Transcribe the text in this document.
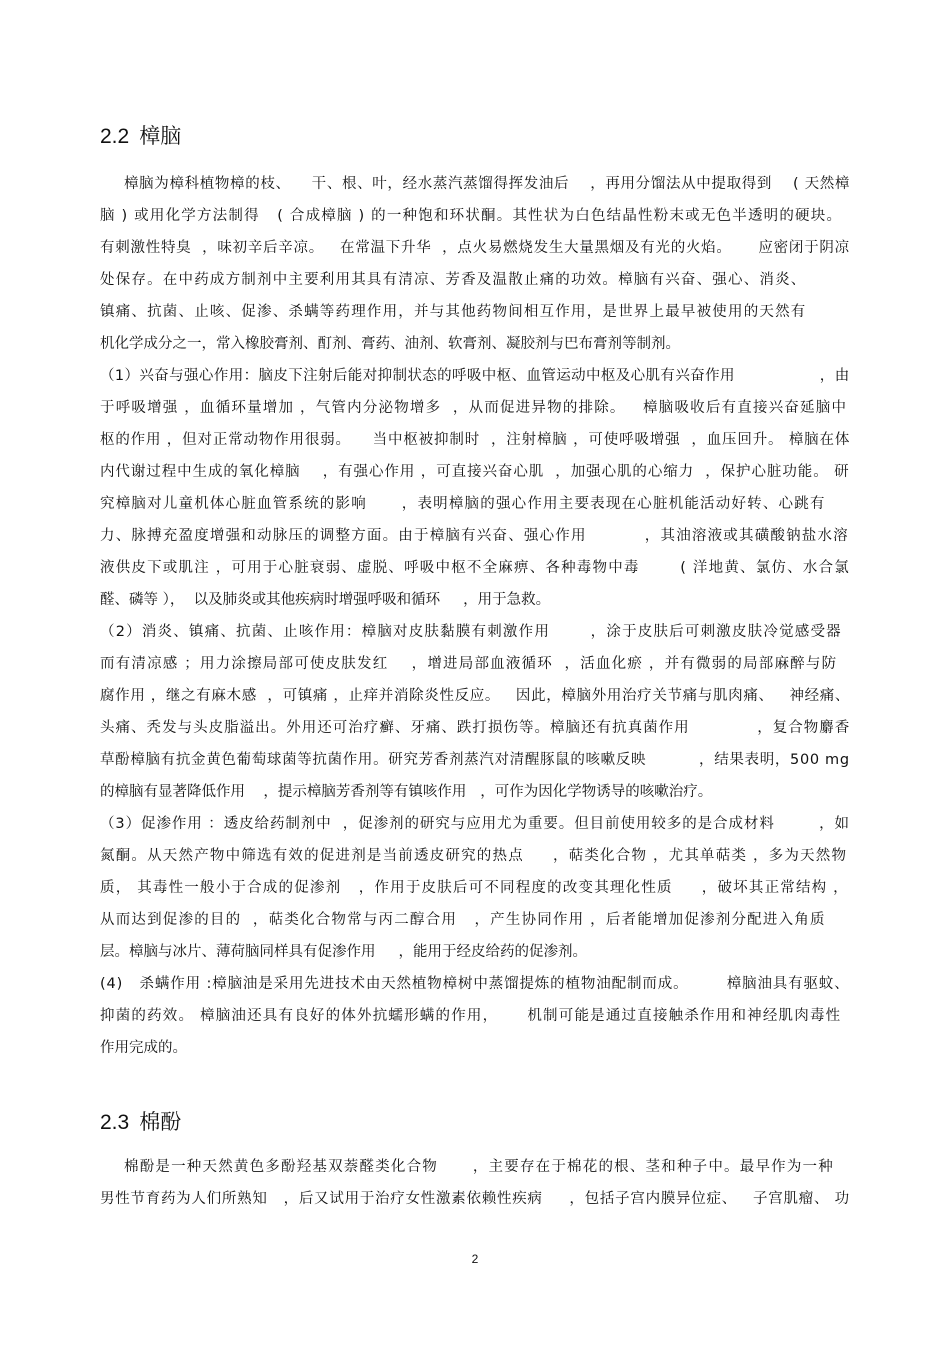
2.2 樟脑

樟脑为樟科植物樟的枝、    干、根、叶，经水蒸汽蒸馏得挥发油后    ，再用分馏法从中提取得到    ( 天然樟

脑 ) 或用化学方法制得   ( 合成樟脑 ) 的一种饱和环状酮。其性状为白色结晶性粉末或无色半透明的硬块。

有刺激性特臭  ，味初辛后辛凉。   在常温下升华  ，点火易燃烧发生大量黑烟及有光的火焰。     应密闭于阴凉

处保存。在中药成方制剂中主要利用其具有清凉、芳香及温散止痛的功效。樟脑有兴奋、强心、消炎、

镇痛、抗菌、止咳、促渗、杀螨等药理作用，并与其他药物间相互作用，是世界上最早被使用的天然有

机化学成分之一，常入橡胶膏剂、酊剂、膏药、油剂、软膏剂、凝胶剂与巴布膏剂等制剂。

（1）兴奋与强心作用：脑皮下注射后能对抑制状态的呼吸中枢、血管运动中枢及心肌有兴奋作用                 ，由

于呼吸增强 ，血循环量增加 ，气管内分泌物增多  ，从而促进异物的排除。   樟脑吸收后有直接兴奋延脑中

枢的作用 ，但对正常动物作用很弱。    当中枢被抑制时  ，注射樟脑 ，可使呼吸增强  ，血压回升。 樟脑在体

内代谢过程中生成的氧化樟脑    ，有强心作用 ，可直接兴奋心肌  ，加强心肌的心缩力  ，保护心脏功能。 研

究樟脑对儿童机体心脏血管系统的影响      ，表明樟脑的强心作用主要表现在心脏机能活动好转、心跳有

力、脉搏充盈度增强和动脉压的调整方面。由于樟脑有兴奋、强心作用          ，其油溶液或其磺酸钠盐水溶

液供皮下或肌注 ，可用于心脏衰弱、虚脱、呼吸中枢不全麻痹、各种毒物中毒       ( 洋地黄、氯仿、水合氯

醛、磷等 ），  以及肺炎或其他疾病时增强呼吸和循环     ，用于急救。

（2）消炎、镇痛、抗菌、止咳作用：樟脑对皮肤黏膜有刺激作用       ，涂于皮肤后可刺激皮肤冷觉感受器

而有清凉感 ；用力涂擦局部可使皮肤发红    ，增进局部血液循环  ，活血化瘀 ，并有微弱的局部麻醉与防

腐作用 ，继之有麻木感  ，可镇痛 ，止痒并消除炎性反应。   因此，樟脑外用治疗关节痛与肌肉痛、   神经痛、

头痛、秃发与头皮脂溢出。外用还可治疗癣、牙痛、跌打损伤等。樟脑还有抗真菌作用            ，复合物麝香

草酚樟脑有抗金黄色葡萄球菌等抗菌作用。研究芳香剂蒸汽对清醒豚鼠的咳嗽反映          ，结果表明，500 mg

的樟脑有显著降低作用    ，提示樟脑芳香剂等有镇咳作用   ，可作为因化学物诱导的咳嗽治疗。

（3）促渗作用 ：透皮给药制剂中  ，促渗剂的研究与应用尤为重要。但目前使用较多的是合成材料        ，如

氮酮。从天然产物中筛选有效的促进剂是当前透皮研究的热点     ，萜类化合物 ，尤其单萜类 ，多为天然物

质， 其毒性一般小于合成的促渗剂   ，作用于皮肤后可不同程度的改变其理化性质     ，破坏其正常结构 ，

从而达到促渗的目的  ，萜类化合物常与丙二醇合用   ，产生协同作用 ，后者能增加促渗剂分配进入角质

层。樟脑与冰片、薄荷脑同样具有促渗作用     ，能用于经皮给药的促渗剂。

(4)   杀螨作用 :樟脑油是采用先进技术由天然植物樟树中蒸馏提炼的植物油配制而成。       樟脑油具有驱蚊、

抑菌的药效。 樟脑油还具有良好的体外抗蠕形螨的作用，     机制可能是通过直接触杀作用和神经肌肉毒性

作用完成的。

2.3 棉酚

棉酚是一种天然黄色多酚羟基双萘醛类化合物      ，主要存在于棉花的根、茎和种子中。最早作为一种

男性节育药为人们所熟知   ，后又试用于治疗女性激素依赖性疾病     ，包括子宫内膜异位症、   子宫肌瘤、 功

2
